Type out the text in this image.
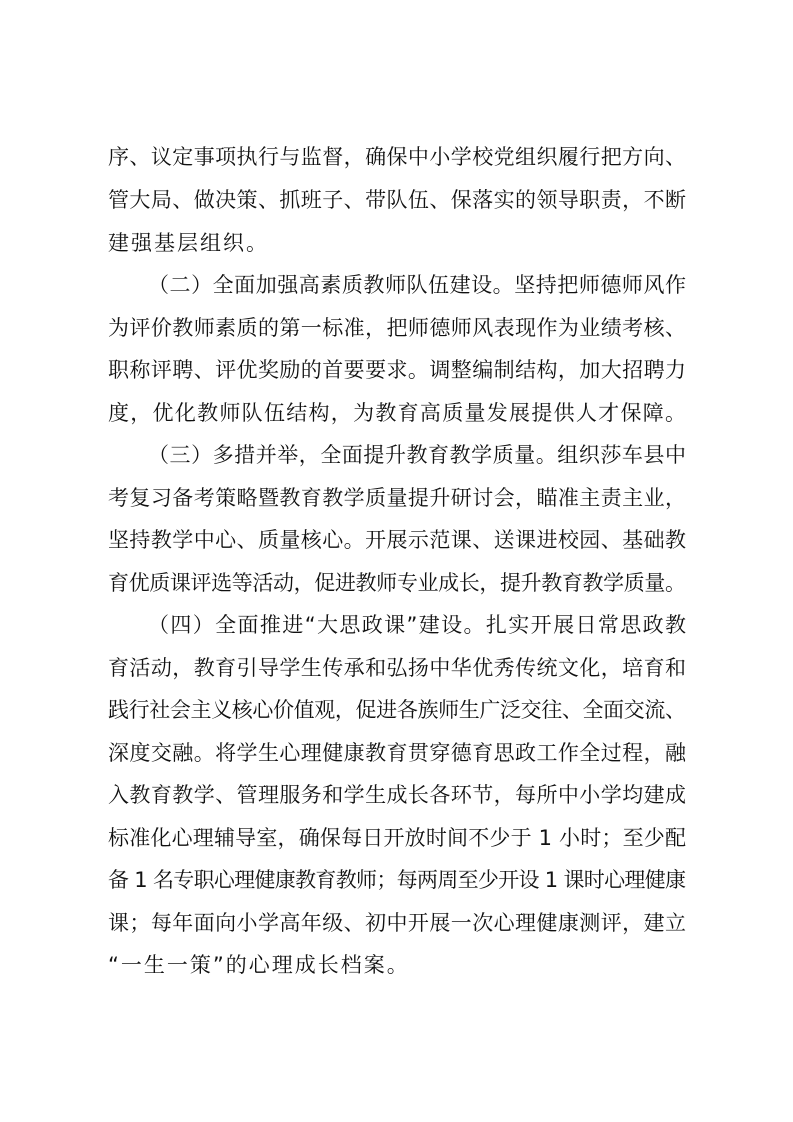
序、议定事项执行与监督，确保中小学校党组织履行把方向、
管大局、做决策、抓班子、带队伍、保落实的领导职责，不断
建强基层组织。
（二）全面加强高素质教师队伍建设。坚持把师德师风作
为评价教师素质的第一标准，把师德师风表现作为业绩考核、
职称评聘、评优奖励的首要要求。调整编制结构，加大招聘力
度，优化教师队伍结构，为教育高质量发展提供人才保障。
（三）多措并举，全面提升教育教学质量。组织莎车县中
考复习备考策略暨教育教学质量提升研讨会，瞄准主责主业，
坚持教学中心、质量核心。开展示范课、送课进校园、基础教
育优质课评选等活动，促进教师专业成长，提升教育教学质量。
（四）全面推进“大思政课”建设。扎实开展日常思政教
育活动，教育引导学生传承和弘扬中华优秀传统文化，培育和
践行社会主义核心价值观，促进各族师生广泛交往、全面交流、
深度交融。将学生心理健康教育贯穿德育思政工作全过程，融
入教育教学、管理服务和学生成长各环节，每所中小学均建成
标准化心理辅导室，确保每日开放时间不少于 1 小时；至少配
备 1 名专职心理健康教育教师；每两周至少开设 1 课时心理健康
课；每年面向小学高年级、初中开展一次心理健康测评，建立
“一生一策”的心理成长档案。
